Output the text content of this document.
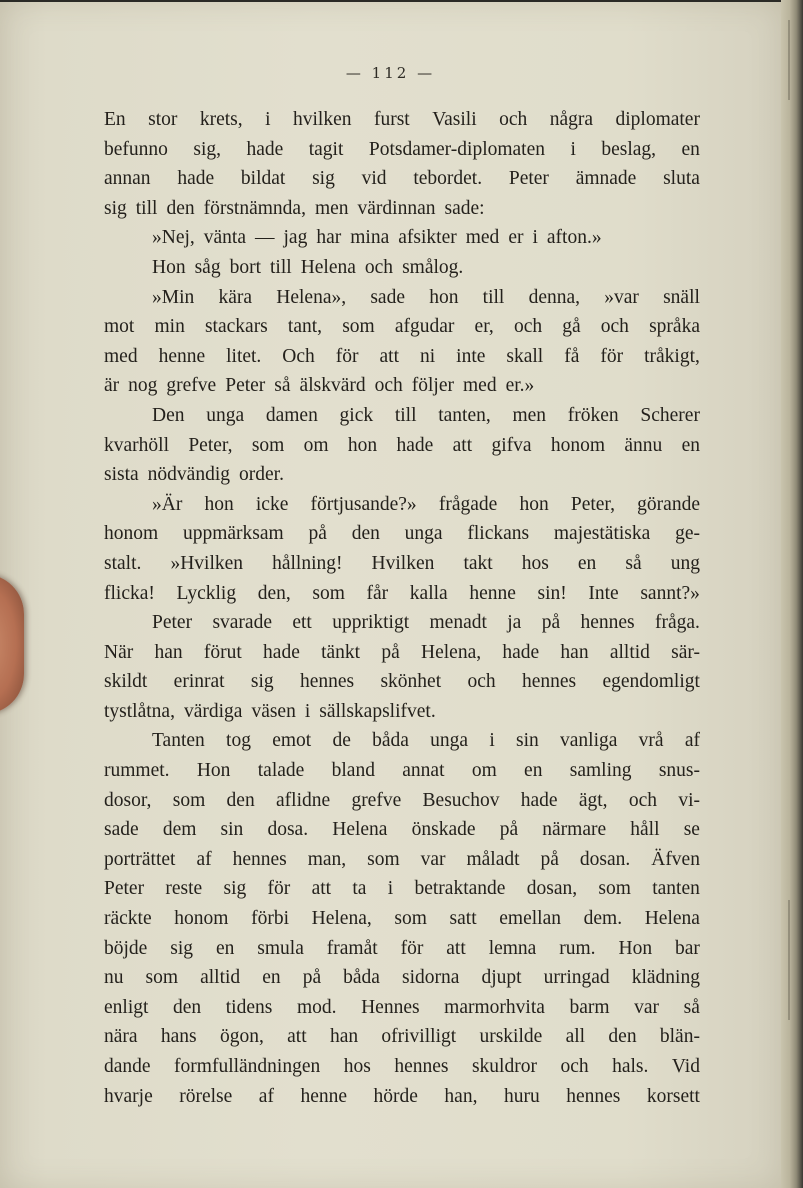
— 112 —
En stor krets, i hvilken furst Vasili och några diplomater
befunno sig, hade tagit Potsdamer-diplomaten i beslag, en
annan hade bildat sig vid tebordet. Peter ämnade sluta
sig till den förstnämnda, men värdinnan sade:
»Nej, vänta — jag har mina afsikter med er i afton.»
Hon såg bort till Helena och smålog.
»Min kära Helena», sade hon till denna, »var snäll
mot min stackars tant, som afgudar er, och gå och språka
med henne litet. Och för att ni inte skall få för tråkigt,
är nog grefve Peter så älskvärd och följer med er.»
Den unga damen gick till tanten, men fröken Scherer
kvarhöll Peter, som om hon hade att gifva honom ännu en
sista nödvändig order.
»Är hon icke förtjusande?» frågade hon Peter, görande
honom uppmärksam på den unga flickans majestätiska ge-
stalt. »Hvilken hållning! Hvilken takt hos en så ung
flicka! Lycklig den, som får kalla henne sin! Inte sannt?»
Peter svarade ett uppriktigt menadt ja på hennes fråga.
När han förut hade tänkt på Helena, hade han alltid sär-
skildt erinrat sig hennes skönhet och hennes egendomligt
tystlåtna, värdiga väsen i sällskapslifvet.
Tanten tog emot de båda unga i sin vanliga vrå af
rummet. Hon talade bland annat om en samling snus-
dosor, som den aflidne grefve Besuchov hade ägt, och vi-
sade dem sin dosa. Helena önskade på närmare håll se
porträttet af hennes man, som var måladt på dosan. Äfven
Peter reste sig för att ta i betraktande dosan, som tanten
räckte honom förbi Helena, som satt emellan dem. Helena
böjde sig en smula framåt för att lemna rum. Hon bar
nu som alltid en på båda sidorna djupt urringad klädning
enligt den tidens mod. Hennes marmorhvita barm var så
nära hans ögon, att han ofrivilligt urskilde all den blän-
dande formfulländningen hos hennes skuldror och hals. Vid
hvarje rörelse af henne hörde han, huru hennes korsett
